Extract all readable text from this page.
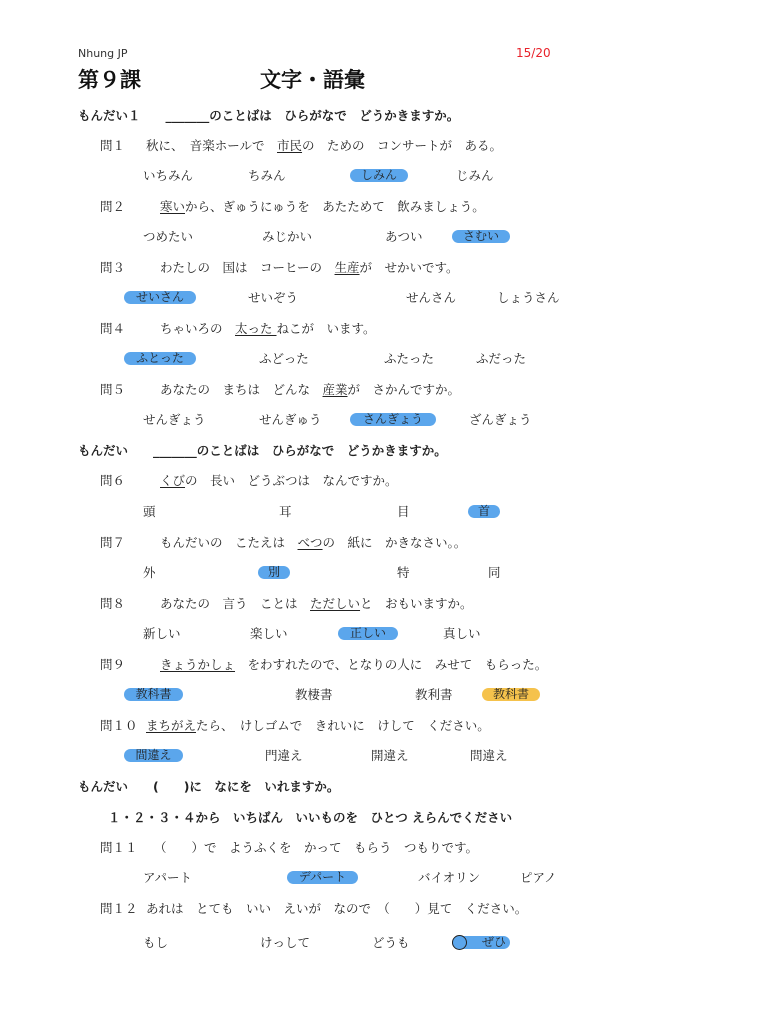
Nhung JP	15/20
第９課	文字・語彙
もんだい１　　_______のことばは　ひらがなで　どうかきますか。
問１ 秋に、　音楽ホールで　市民の　ための　コンサートが　ある。
いちみん	ちみん	しみん	じみん
問２	寒いから、ぎゅうにゅうを　あたためて　飲みましょう。
つめたい	みじかい	あつい	さむい
問３	わたしの　国は　コーヒーの　生産が　せかいです。
せいさん	せいぞう	せんさん	しょうさん
問４	ちゃいろの　太った ねこが　います。
ふとった	ふどった	ふたった	ふだった
問５	あなたの　まちは　どんな　産業が　さかんですか。
せんぎょう	せんぎゅう	さんぎょう	ざんぎょう
もんだい　　_______のことばは　ひらがなで　どうかきますか。
問６	くびの　長い　どうぶつは　なんですか。
頭	耳	目	首
問７	もんだいの　こたえは　べつの　紙に　かきなさい。。
外	別	特	同
問８	あなたの　言う　ことは　ただしいと　おもいますか。
新しい	楽しい	正しい	真しい
問９	きょうかしょ　をわすれたので、となりの人に　みせて　もらった。
教科書	教棲書	教利書	教科書
問１０ まちがえたら、　けしゴムで　きれいに　けして　ください。
間違え	門違え	開違え	問違え
もんだい　　(　　)に　なにを　いれますか。
１・２・３・４から　いちばん　いいものを　ひとつ えらんでください
問１１ （　　）で　ようふくを　かって　もらう　つもりです。
アパート	デパート	バイオリン	ピアノ
問１２ あれは　とても　いい　えいが　なので　（　　）見て　ください。
もし	けっして	どうも	ぜひ
